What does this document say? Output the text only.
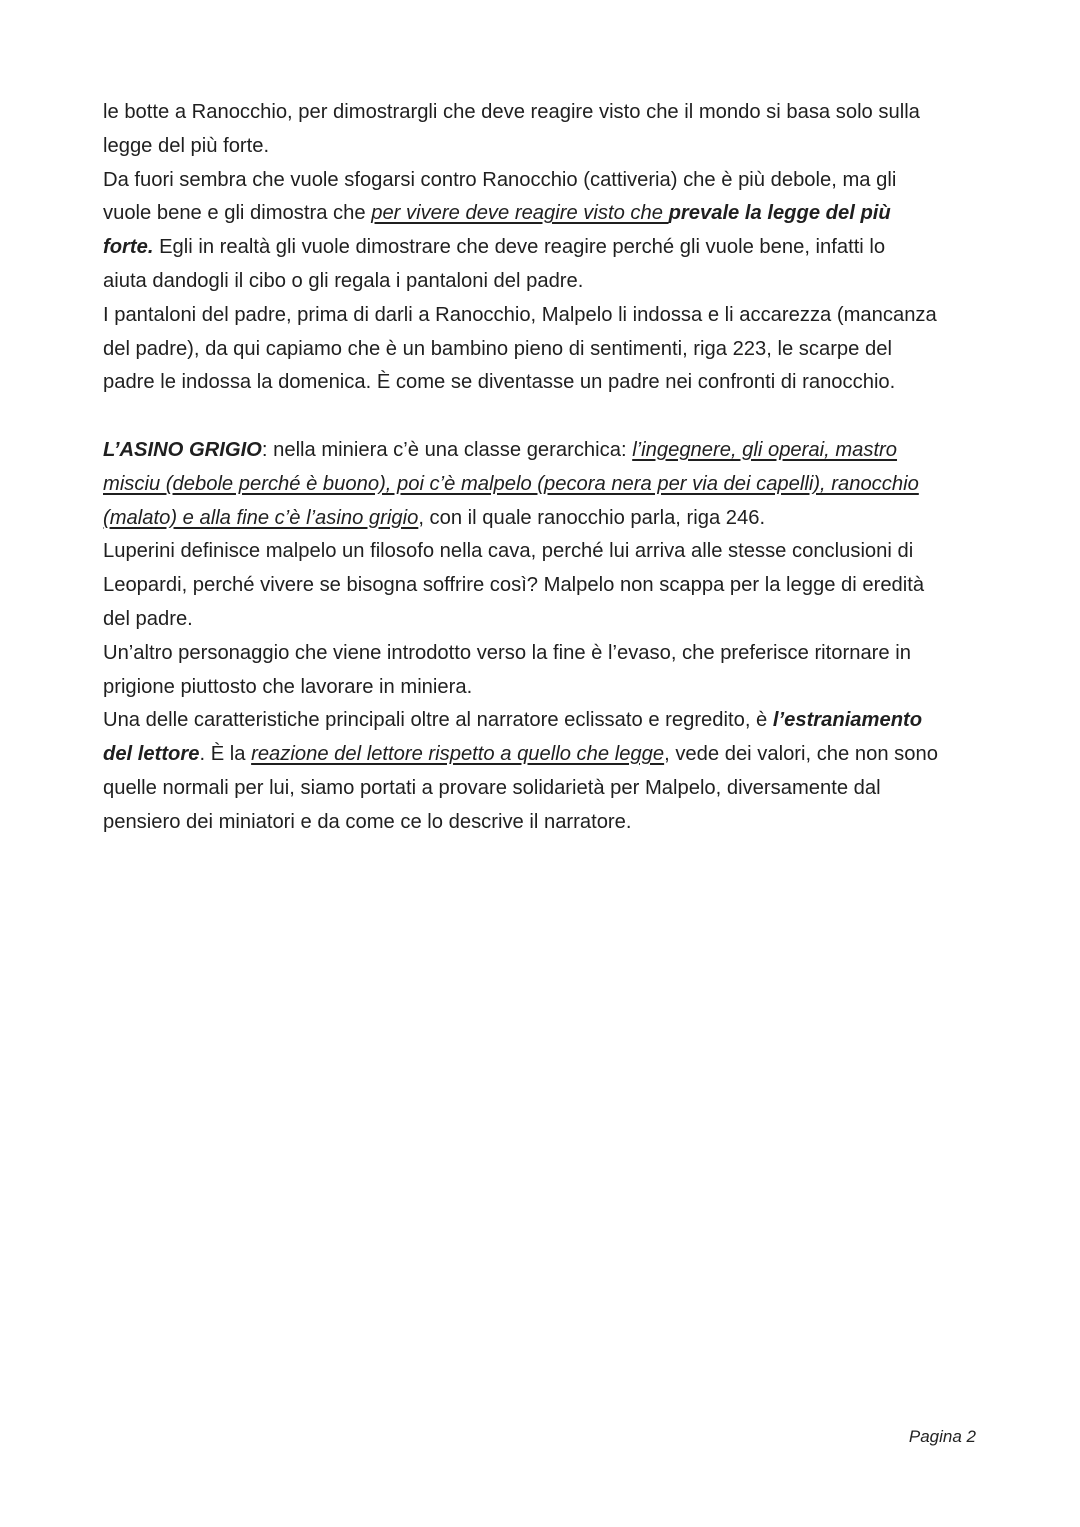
le botte a Ranocchio, per dimostrargli che deve reagire visto che il mondo si basa solo sulla
legge del più forte.
Da fuori sembra che vuole sfogarsi contro Ranocchio (cattiveria) che è più debole, ma gli
vuole bene e gli dimostra che per vivere deve reagire visto che prevale la legge del più
forte. Egli in realtà gli vuole dimostrare che deve reagire perché gli vuole bene, infatti lo
aiuta dandogli il cibo o gli regala i pantaloni del padre.
I pantaloni del padre, prima di darli a Ranocchio, Malpelo li indossa e li accarezza (mancanza
del padre), da qui capiamo che è un bambino pieno di sentimenti, riga 223, le scarpe del
padre le indossa la domenica. È come se diventasse un padre nei confronti di ranocchio.
L’ASINO GRIGIO: nella miniera c’è una classe gerarchica: l’ingegnere, gli operai, mastro
misciu (debole perché è buono), poi c’è malpelo (pecora nera per via dei capelli), ranocchio
(malato) e alla fine c’è l’asino grigio, con il quale ranocchio parla, riga 246.
Luperini definisce malpelo un filosofo nella cava, perché lui arriva alle stesse conclusioni di
Leopardi, perché vivere se bisogna soffrire così? Malpelo non scappa per la legge di eredità
del padre.
Un’altro personaggio che viene introdotto verso la fine è l’evaso, che preferisce ritornare in
prigione piuttosto che lavorare in miniera.
Una delle caratteristiche principali oltre al narratore eclissato e regredito, è l’estraniamento
del lettore. È la reazione del lettore rispetto a quello che legge, vede dei valori, che non sono
quelle normali per lui, siamo portati a provare solidarietà per Malpelo, diversamente dal
pensiero dei miniatori e da come ce lo descrive il narratore.
Pagina 2
